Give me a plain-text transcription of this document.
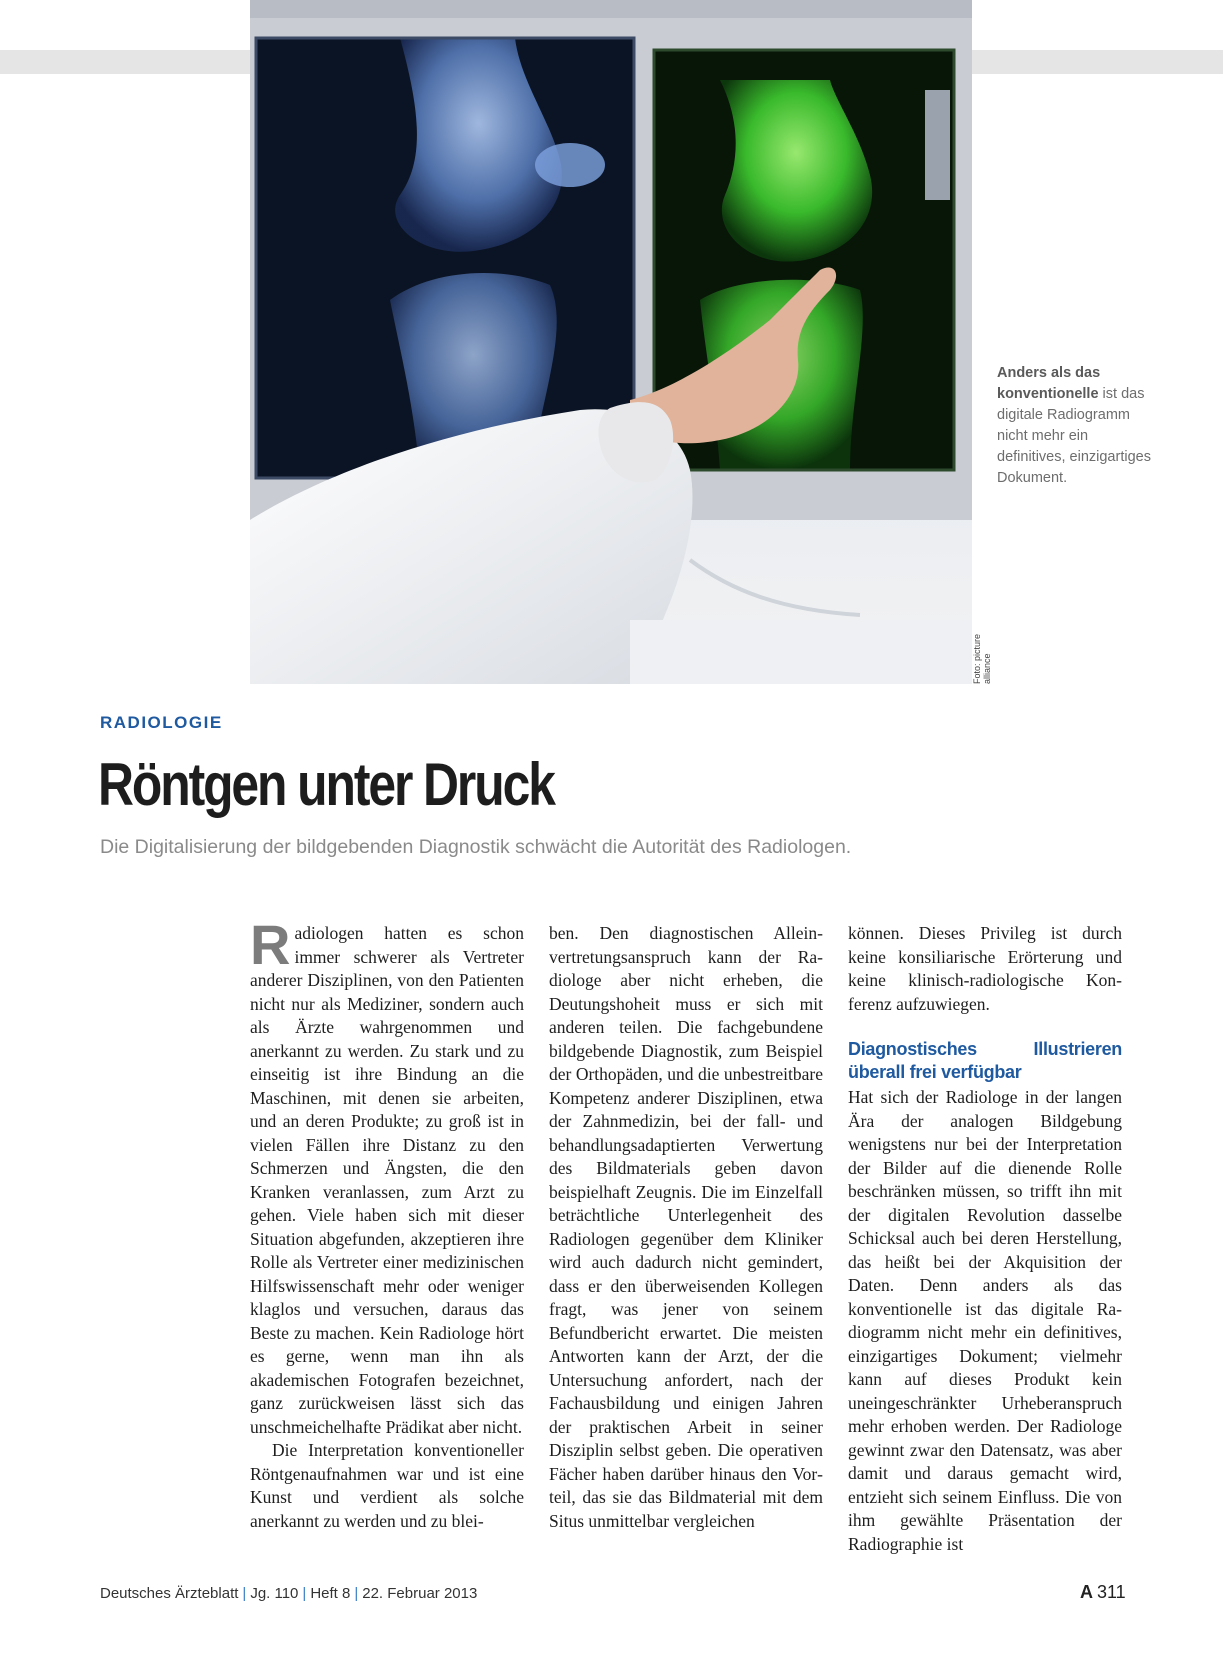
Foto: picture alliance
Anders als das konventionelle ist das digitale Radiogramm nicht mehr ein definitives, einzigartiges Dokument.
RADIOLOGIE
Röntgen unter Druck
Die Digitalisierung der bildgebenden Diagnostik schwächt die Autorität des Radiologen.

Radiologen hatten es schon immer schwerer als Vertreter anderer Disziplinen, von den Patienten nicht nur als Mediziner, sondern auch als Ärzte wahrgenommen und anerkannt zu werden. Zu stark und zu einseitig ist ihre Bindung an die Maschinen, mit denen sie arbeiten, und an deren Produkte; zu groß ist in vielen Fällen ihre Distanz zu den Schmerzen und Ängsten, die den Kranken veranlassen, zum Arzt zu gehen. Viele haben sich mit dieser Situation abgefunden, akzeptieren ihre Rolle als Vertreter einer medizinischen Hilfswissenschaft mehr oder weniger klaglos und versuchen, daraus das Beste zu machen. Kein Radiologe hört es gerne, wenn man ihn als akademischen Fotografen bezeichnet, ganz zurückweisen lässt sich das unschmeichelhafte Prädikat aber nicht.

Die Interpretation konventioneller Röntgenaufnahmen war und ist eine Kunst und verdient als solche anerkannt zu werden und zu blei-

ben. Den diagnostischen Alleinvertretungsanspruch kann der Radiologe aber nicht erheben, die Deutungshoheit muss er sich mit anderen teilen. Die fachgebundene bildgebende Diagnostik, zum Beispiel der Orthopäden, und die unbestreitbare Kompetenz anderer Disziplinen, etwa der Zahnmedizin, bei der fall- und behandlungsadaptierten Verwertung des Bildmaterials geben davon beispielhaft Zeugnis. Die im Einzelfall beträchtliche Unterlegenheit des Radiologen gegenüber dem Kliniker wird auch dadurch nicht gemindert, dass er den überweisenden Kollegen fragt, was jener von seinem Befundbericht erwartet. Die meisten Antworten kann der Arzt, der die Untersuchung anfordert, nach der Fachausbildung und einigen Jahren der praktischen Arbeit in seiner Disziplin selbst geben. Die operativen Fächer haben darüber hinaus den Vorteil, das sie das Bildmaterial mit dem Situs unmittelbar vergleichen

können. Dieses Privileg ist durch keine konsiliarische Erörterung und keine klinisch-radiologische Konferenz aufzuwiegen.

Diagnostisches Illustrieren überall frei verfügbar

Hat sich der Radiologe in der langen Ära der analogen Bildgebung wenigstens nur bei der Interpretation der Bilder auf die dienende Rolle beschränken müssen, so trifft ihn mit der digitalen Revolution dasselbe Schicksal auch bei deren Herstellung, das heißt bei der Akquisition der Daten. Denn anders als das konventionelle ist das digitale Radiogramm nicht mehr ein definitives, einzigartiges Dokument; vielmehr kann auf dieses Produkt kein uneingeschränkter Urheberanspruch mehr erhoben werden. Der Radiologe gewinnt zwar den Datensatz, was aber damit und daraus gemacht wird, entzieht sich seinem Einfluss. Die von ihm gewählte Präsentation der Radiographie ist

Deutsches Ärzteblatt | Jg. 110 | Heft 8 | 22. Februar 2013	A 311
